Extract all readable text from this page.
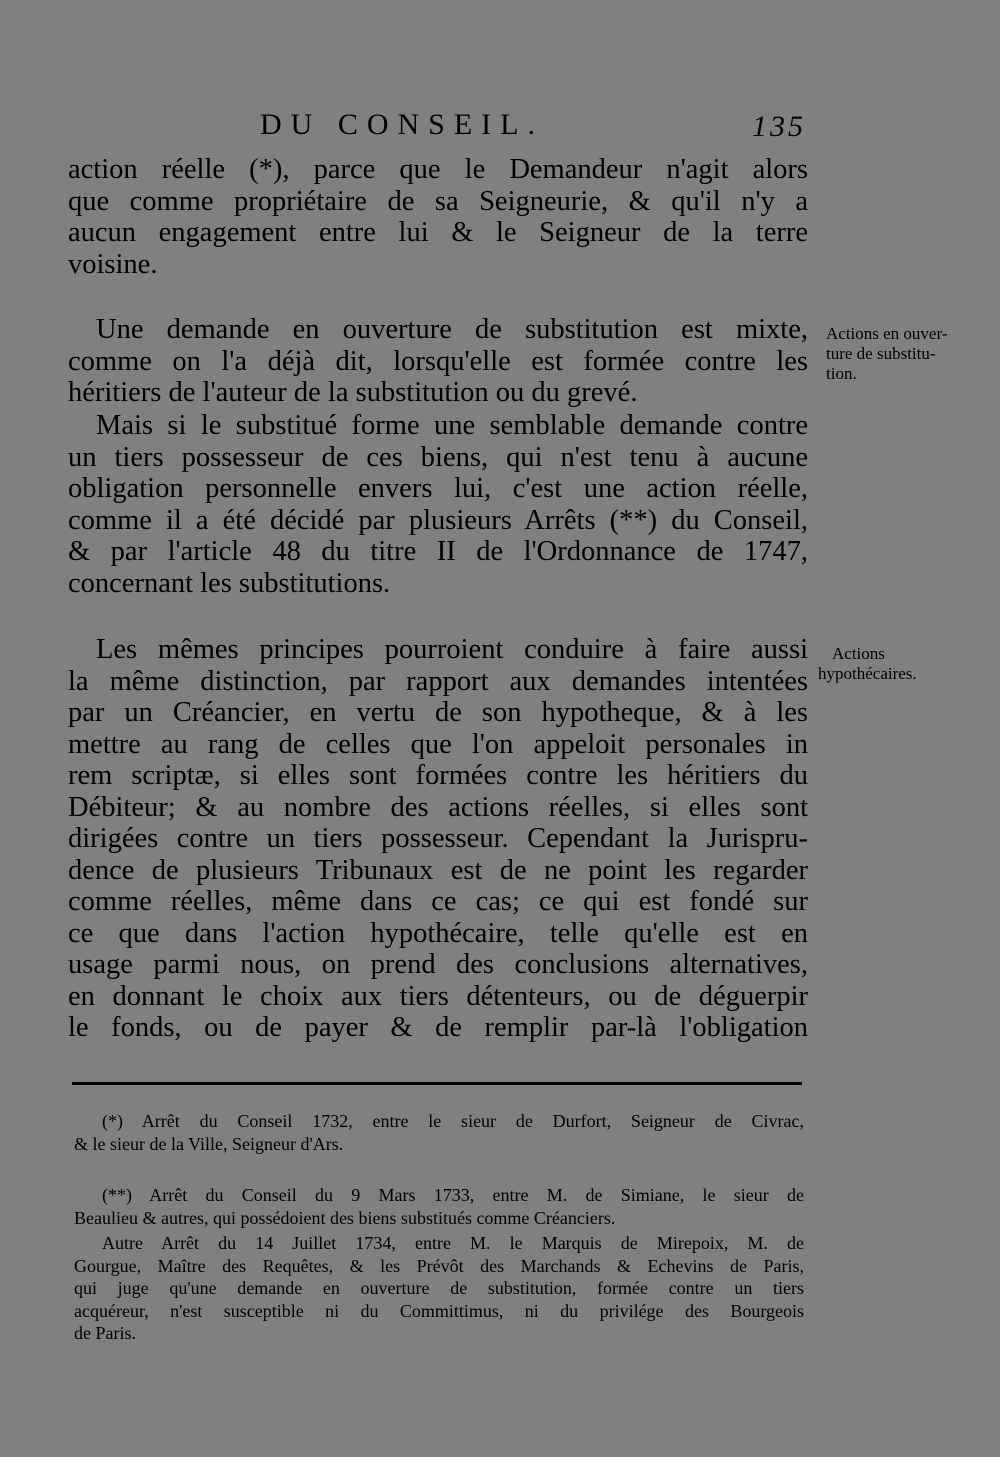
DU CONSEIL.	135
action réelle (*), parce que le Demandeur n'agit alors
que comme propriétaire de sa Seigneurie, & qu'il n'y a
aucun engagement entre lui & le Seigneur de la terre
voisine.
Une demande en ouverture de substitution est mixte,
comme on l'a déjà dit, lorsqu'elle est formée contre les
héritiers de l'auteur de la substitution ou du grevé.
Mais si le substitué forme une semblable demande contre
un tiers possesseur de ces biens, qui n'est tenu à aucune
obligation personnelle envers lui, c'est une action réelle,
comme il a été décidé par plusieurs Arrêts (**) du Conseil,
& par l'article 48 du titre II de l'Ordonnance de 1747,
concernant les substitutions.
Les mêmes principes pourroient conduire à faire aussi
la même distinction, par rapport aux demandes intentées
par un Créancier, en vertu de son hypotheque, & à les
mettre au rang de celles que l'on appeloit personales in
rem scriptæ, si elles sont formées contre les héritiers du
Débiteur; & au nombre des actions réelles, si elles sont
dirigées contre un tiers possesseur. Cependant la Jurispru-
dence de plusieurs Tribunaux est de ne point les regarder
comme réelles, même dans ce cas; ce qui est fondé sur
ce que dans l'action hypothécaire, telle qu'elle est en
usage parmi nous, on prend des conclusions alternatives,
en donnant le choix aux tiers détenteurs, ou de déguerpir
le fonds, ou de payer & de remplir par-là l'obligation
Actions en ouver-
ture de substitu-
tion.
Actions
hypothécaires.
(*) Arrêt du Conseil 1732, entre le sieur de Durfort, Seigneur de Civrac,
& le sieur de la Ville, Seigneur d'Ars.
(**) Arrêt du Conseil du 9 Mars 1733, entre M. de Simiane, le sieur de
Beaulieu & autres, qui possédoient des biens substitués comme Créanciers.
Autre Arrêt du 14 Juillet 1734, entre M. le Marquis de Mirepoix, M. de
Gourgue, Maître des Requêtes, & les Prévôt des Marchands & Echevins de Paris,
qui juge qu'une demande en ouverture de substitution, formée contre un tiers
acquéreur, n'est susceptible ni du Committimus, ni du privilége des Bourgeois
de Paris.
